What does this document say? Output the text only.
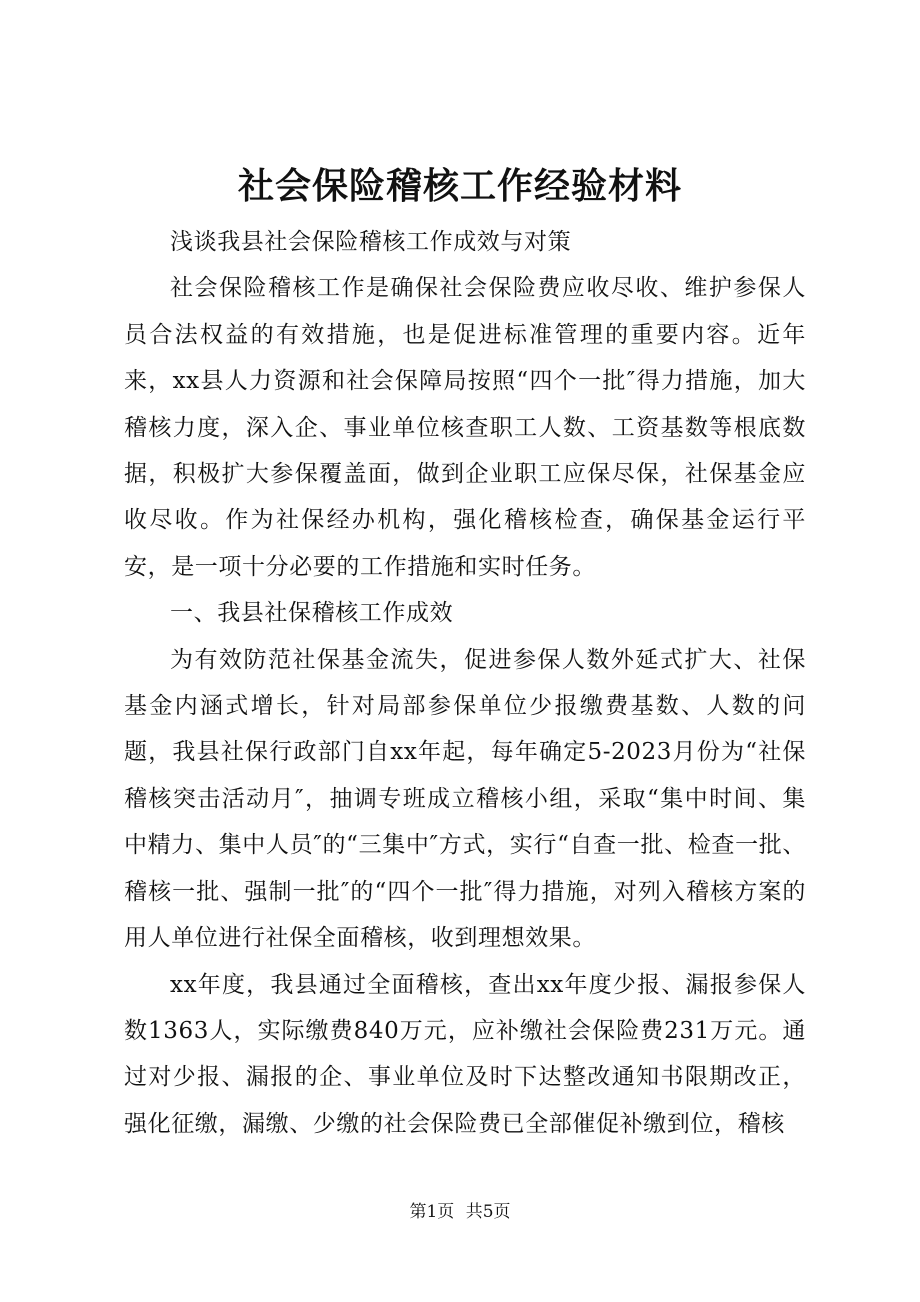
社会保险稽核工作经验材料

浅谈我县社会保险稽核工作成效与对策

社会保险稽核工作是确保社会保险费应收尽收、维护参保人员合法权益的有效措施，也是促进标准管理的重要内容。近年来，xx县人力资源和社会保障局按照“四个一批″得力措施，加大稽核力度，深入企、事业单位核查职工人数、工资基数等根底数据，积极扩大参保覆盖面，做到企业职工应保尽保，社保基金应收尽收。作为社保经办机构，强化稽核检查，确保基金运行平安，是一项十分必要的工作措施和实时任务。

一、我县社保稽核工作成效

为有效防范社保基金流失，促进参保人数外延式扩大、社保基金内涵式增长，针对局部参保单位少报缴费基数、人数的问题，我县社保行政部门自xx年起，每年确定5-2023月份为“社保稽核突击活动月″，抽调专班成立稽核小组，采取“集中时间、集中精力、集中人员″的“三集中″方式，实行“自查一批、检查一批、稽核一批、强制一批″的“四个一批″得力措施，对列入稽核方案的用人单位进行社保全面稽核，收到理想效果。

xx年度，我县通过全面稽核，查出xx年度少报、漏报参保人数1363人，实际缴费840万元，应补缴社会保险费231万元。通过对少报、漏报的企、事业单位及时下达整改通知书限期改正，强化征缴，漏缴、少缴的社会保险费已全部催促补缴到位，稽核

第1页 共5页
